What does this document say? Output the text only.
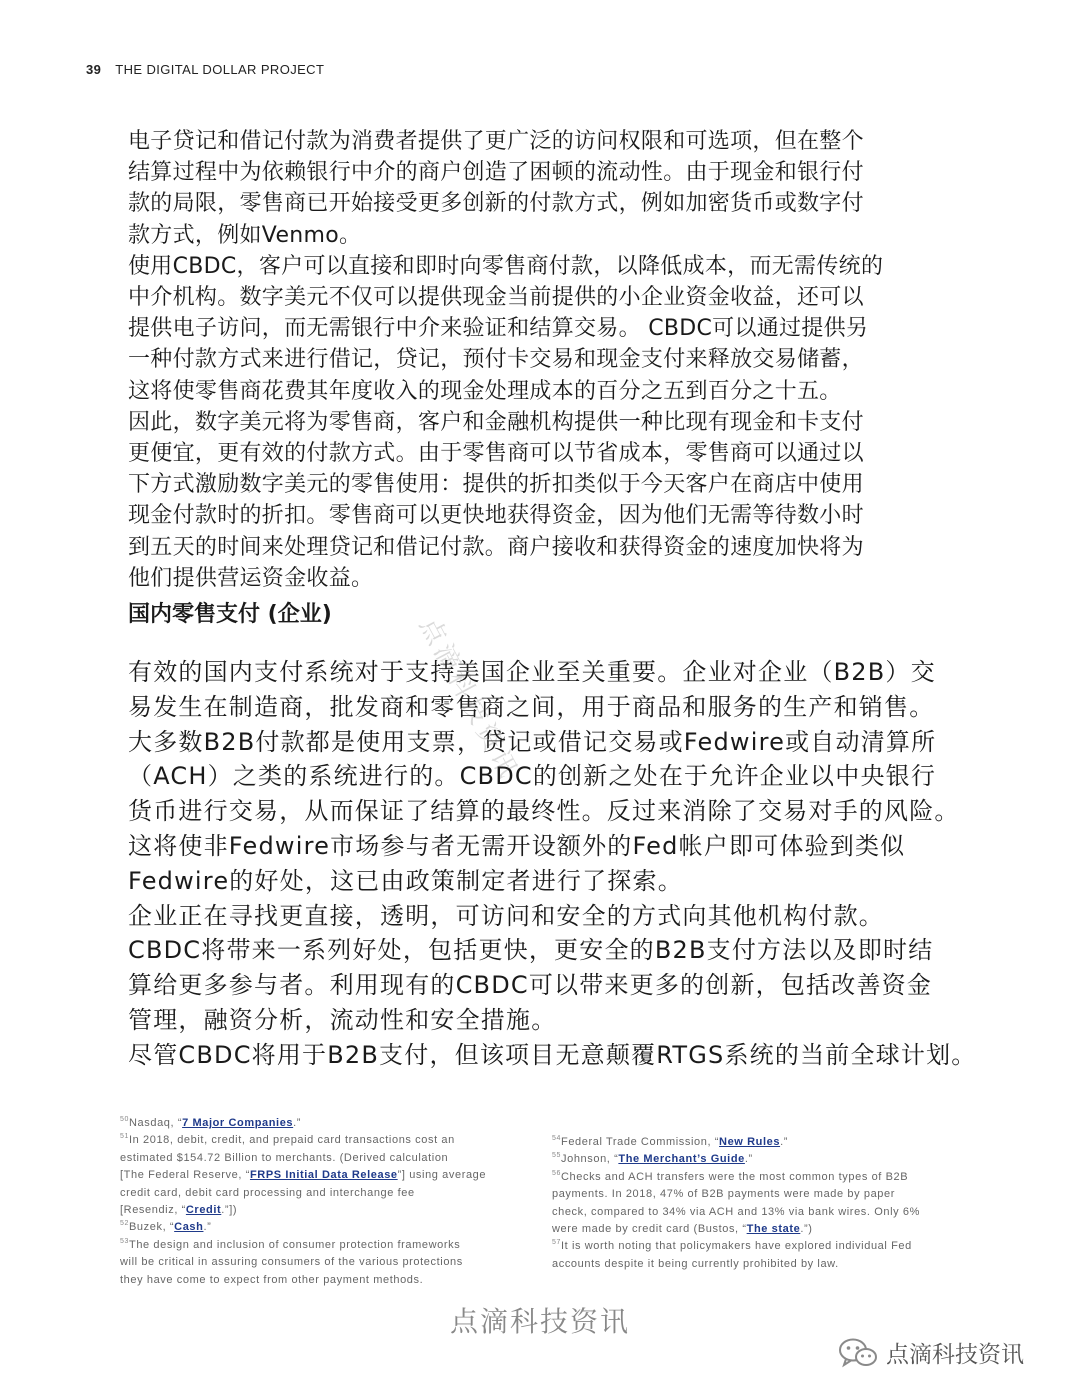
39 THE DIGITAL DOLLAR PROJECT
电子贷记和借记付款为消费者提供了更广泛的访问权限和可选项，但在整个
结算过程中为依赖银行中介的商户创造了困顿的流动性。由于现金和银行付
款的局限，零售商已开始接受更多创新的付款方式，例如加密货币或数字付
款方式，例如Venmo。
使用CBDC，客户可以直接和即时向零售商付款，以降低成本，而无需传统的
中介机构。数字美元不仅可以提供现金当前提供的小企业资金收益，还可以
提供电子访问，而无需银行中介来验证和结算交易。 CBDC可以通过提供另
一种付款方式来进行借记，贷记，预付卡交易和现金支付来释放交易储蓄，
这将使零售商花费其年度收入的现金处理成本的百分之五到百分之十五。
因此，数字美元将为零售商，客户和金融机构提供一种比现有现金和卡支付
更便宜，更有效的付款方式。由于零售商可以节省成本，零售商可以通过以
下方式激励数字美元的零售使用：提供的折扣类似于今天客户在商店中使用
现金付款时的折扣。零售商可以更快地获得资金，因为他们无需等待数小时
到五天的时间来处理贷记和借记付款。商户接收和获得资金的速度加快将为
他们提供营运资金收益。
国内零售支付 (企业)	点滴科技资讯
有效的国内支付系统对于支持美国企业至关重要。企业对企业（B2B）交
易发生在制造商，批发商和零售商之间，用于商品和服务的生产和销售。
大多数B2B付款都是使用支票，贷记或借记交易或Fedwire或自动清算所
（ACH）之类的系统进行的。CBDC的创新之处在于允许企业以中央银行
货币进行交易，从而保证了结算的最终性。反过来消除了交易对手的风险。
这将使非Fedwire市场参与者无需开设额外的Fed帐户即可体验到类似
Fedwire的好处，这已由政策制定者进行了探索。
企业正在寻找更直接，透明，可访问和安全的方式向其他机构付款。
CBDC将带来一系列好处，包括更快，更安全的B2B支付方法以及即时结
算给更多参与者。利用现有的CBDC可以带来更多的创新，包括改善资金
管理，融资分析，流动性和安全措施。
尽管CBDC将用于B2B支付，但该项目无意颠覆RTGS系统的当前全球计划。
$^{50}$Nasdaq, “7 Major Companies.”
$^{51}$In 2018, debit, credit, and prepaid card transactions cost an
estimated $154.72 Billion to merchants. (Derived calculation
[The Federal Reserve, “FRPS Initial Data Release”] using average
credit card, debit card processing and interchange fee
[Resendiz, “Credit.”])
$^{52}$Buzek, “Cash.”
$^{53}$The design and inclusion of consumer protection frameworks
will be critical in assuring consumers of the various protections
they have come to expect from other payment methods.
$^{54}$Federal Trade Commission, “New Rules.”
$^{55}$Johnson, “The Merchant’s Guide.”
$^{56}$Checks and ACH transfers were the most common types of B2B
payments. In 2018, 47% of B2B payments were made by paper
check, compared to 34% via ACH and 13% via bank wires. Only 6%
were made by credit card (Bustos, “The state.”)
$^{57}$It is worth noting that policymakers have explored individual Fed
accounts despite it being currently prohibited by law.
点滴科技资讯
点滴科技资讯
